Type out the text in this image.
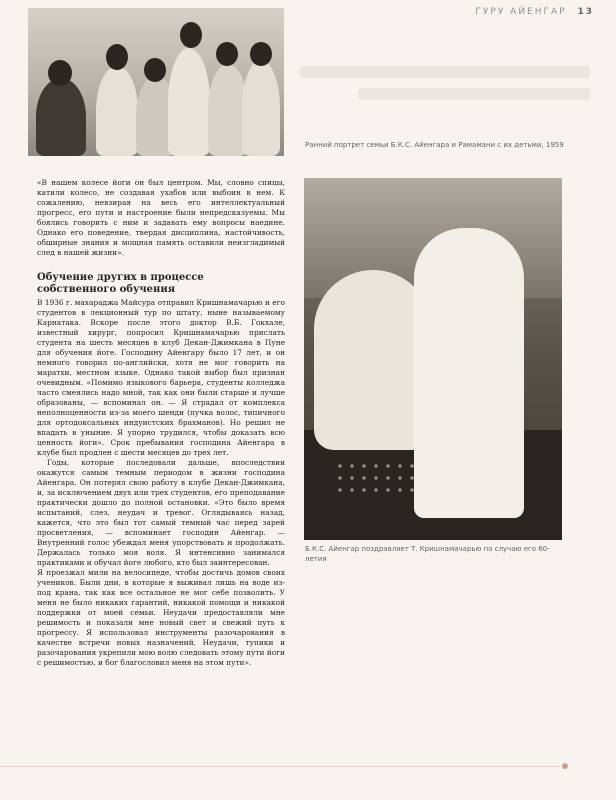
ГУРУ АЙЕНГАР 13
Ранний портрет семьи Б.К.С. Айенгара и Рамамани с их детьми, 1959
Б.К.С. Айенгар поздравляет Т. Кришнамачарью по случаю его 60-летия
«В нашем колесе йоги он был центром. Мы, словно спицы, катили колесо, не создавая ухабов или выбоин в нем. К сожалению, невзирая на весь его интеллектуальный прогресс, его пути и настроение были непредсказуемы. Мы боялись говорить с ним и задавать ему вопросы наедине. Однако его поведение, твердая дисциплина, настойчивость, обширные знания и мощная память оставили неизгладимый след в нашей жизни».
Обучение других в процессе собственного обучения

В 1936 г. махараджа Майсура отправил Кришнамачарью и его студентов в лекционный тур по штату, ныне называемому Карнатака. Вскоре после этого доктор В.Б. Гокхале, известный хирург, попросил Кришнамачарью прислать студента на шесть месяцев в клуб Декан-Джимкана в Пуне для обучения йоге. Господину Айенгару было 17 лет, и он немного говорил по-английски, хотя не мог говорить на маратхи, местном языке. Однако такой выбор был признан очевидным. «Помимо языкового барьера, студенты колледжа часто смеялись надо мной, так как они были старше и лучше образованы, — вспоминал он. — Я страдал от комплекса неполноценности из-за моего шенди (пучка волос, типичного для ортодоксальных индуистских брахманов). Но решил не впадать в уныние. Я упорно трудился, чтобы доказать всю ценность йоги». Срок пребывания господина Айенгара в клубе был продлен с шести месяцев до трех лет.

Годы, которые последовали дальше, впоследствии окажутся самым темным периодом в жизни господина Айенгара. Он потерял свою работу в клубе Декан-Джимкана, и, за исключением двух или трех студентов, его преподавание практически дошло до полной остановки. «Это было время испытаний, слез, неудач и тревог. Оглядываясь назад, кажется, что это был тот самый темный час перед зарей просветления, — вспоминает господин Айенгар. — Внутренний голос убеждал меня упорствовать и продолжать. Держалась только моя воля. Я интенсивно занимался практиками и обучал йоге любого, кто был заинтересован.

Я проезжал мили на велосипеде, чтобы достичь домов своих учеников. Были дни, в которые я выживал лишь на воде из-под крана, так как все остальное не мог себе позволить. У меня не было никаких гарантий, никакой помощи и никакой поддержки от моей семьи. Неудачи предоставляли мне решимость и показали мне новый свет и свежий путь к прогрессу. Я использовал инструменты разочарования в качестве встречи новых назначений. Неудачи, тупики и разочарования укрепили мою волю следовать этому пути йоги с решимостью, и бог благословил меня на этом пути».
